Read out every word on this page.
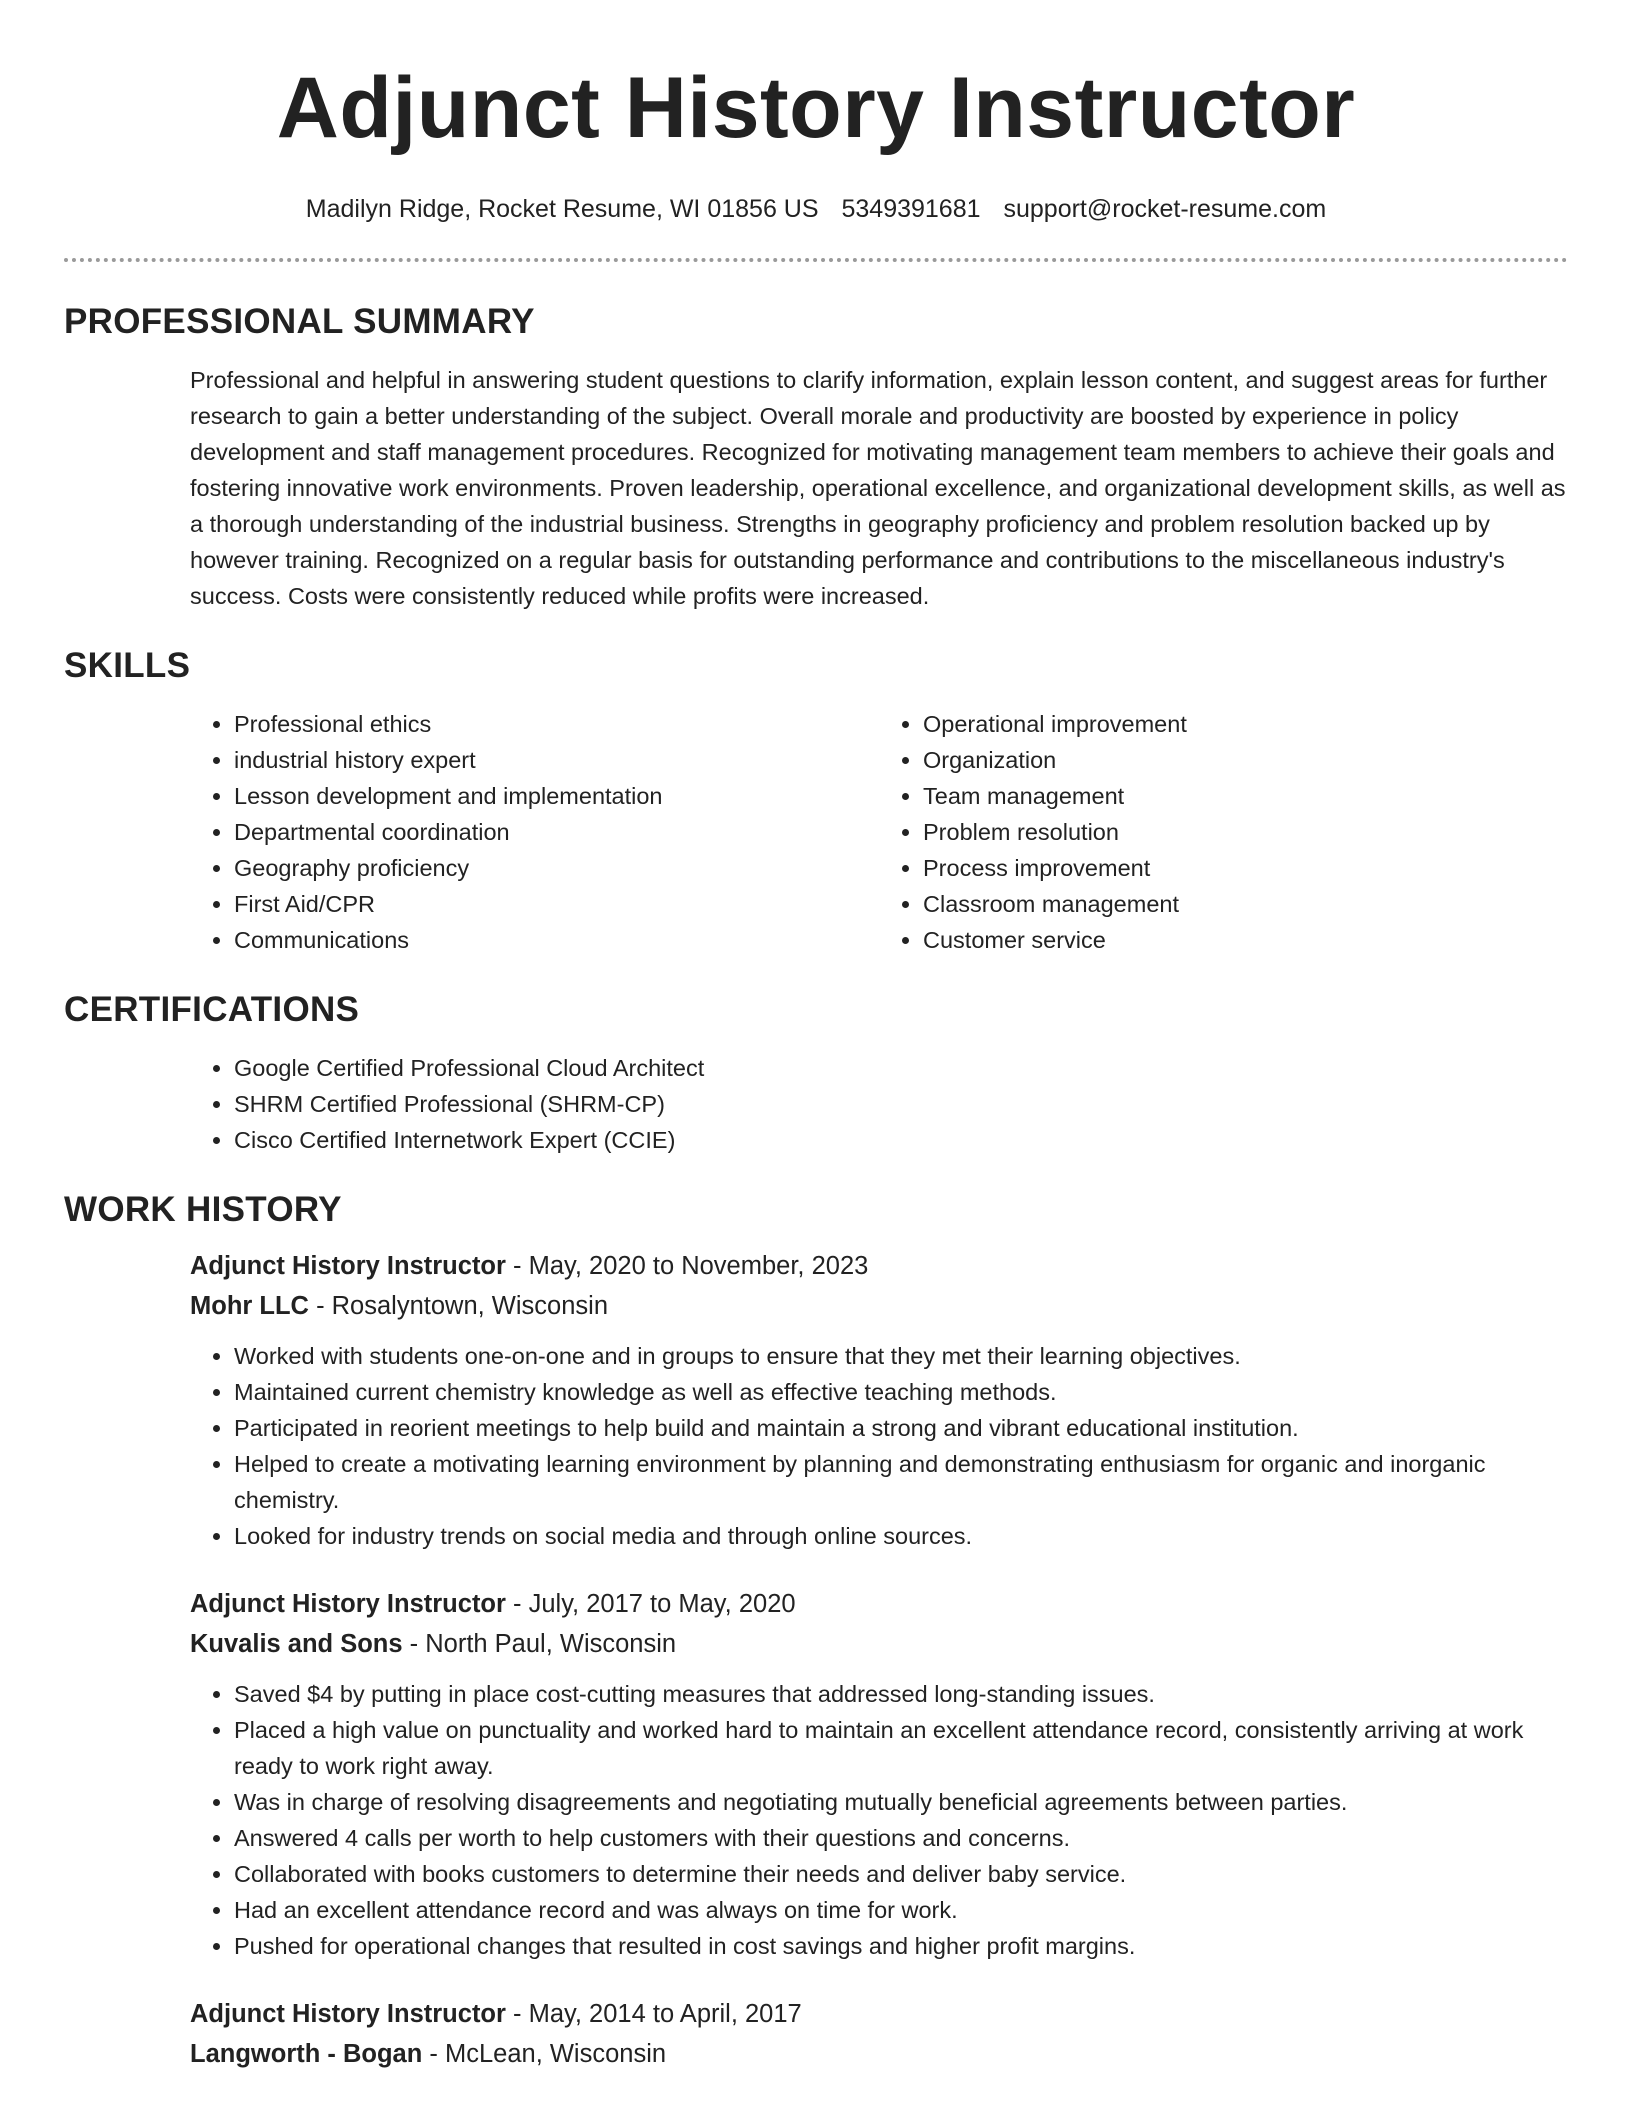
Adjunct History Instructor
Madilyn Ridge, Rocket Resume, WI 01856 US 5349391681 support@rocket-resume.com
PROFESSIONAL SUMMARY

Professional and helpful in answering student questions to clarify information, explain lesson content, and suggest areas for further research to gain a better understanding of the subject. Overall morale and productivity are boosted by experience in policy development and staff management procedures. Recognized for motivating management team members to achieve their goals and fostering innovative work environments. Proven leadership, operational excellence, and organizational development skills, as well as a thorough understanding of the industrial business. Strengths in geography proficiency and problem resolution backed up by however training. Recognized on a regular basis for outstanding performance and contributions to the miscellaneous industry's success. Costs were consistently reduced while profits were increased.

SKILLS
• Professional ethics
• industrial history expert
• Lesson development and implementation
• Departmental coordination
• Geography proficiency
• First Aid/CPR
• Communications
• Operational improvement
• Organization
• Team management
• Problem resolution
• Process improvement
• Classroom management
• Customer service
CERTIFICATIONS
• Google Certified Professional Cloud Architect
• SHRM Certified Professional (SHRM-CP)
• Cisco Certified Internetwork Expert (CCIE)
WORK HISTORY
Adjunct History Instructor - May, 2020 to November, 2023
Mohr LLC - Rosalyntown, Wisconsin
• Worked with students one-on-one and in groups to ensure that they met their learning objectives.
• Maintained current chemistry knowledge as well as effective teaching methods.
• Participated in reorient meetings to help build and maintain a strong and vibrant educational institution.
• Helped to create a motivating learning environment by planning and demonstrating enthusiasm for organic and inorganic chemistry.
• Looked for industry trends on social media and through online sources.
Adjunct History Instructor - July, 2017 to May, 2020
Kuvalis and Sons - North Paul, Wisconsin
• Saved $4 by putting in place cost-cutting measures that addressed long-standing issues.
• Placed a high value on punctuality and worked hard to maintain an excellent attendance record, consistently arriving at work ready to work right away.
• Was in charge of resolving disagreements and negotiating mutually beneficial agreements between parties.
• Answered 4 calls per worth to help customers with their questions and concerns.
• Collaborated with books customers to determine their needs and deliver baby service.
• Had an excellent attendance record and was always on time for work.
• Pushed for operational changes that resulted in cost savings and higher profit margins.
Adjunct History Instructor - May, 2014 to April, 2017
Langworth - Bogan - McLean, Wisconsin
